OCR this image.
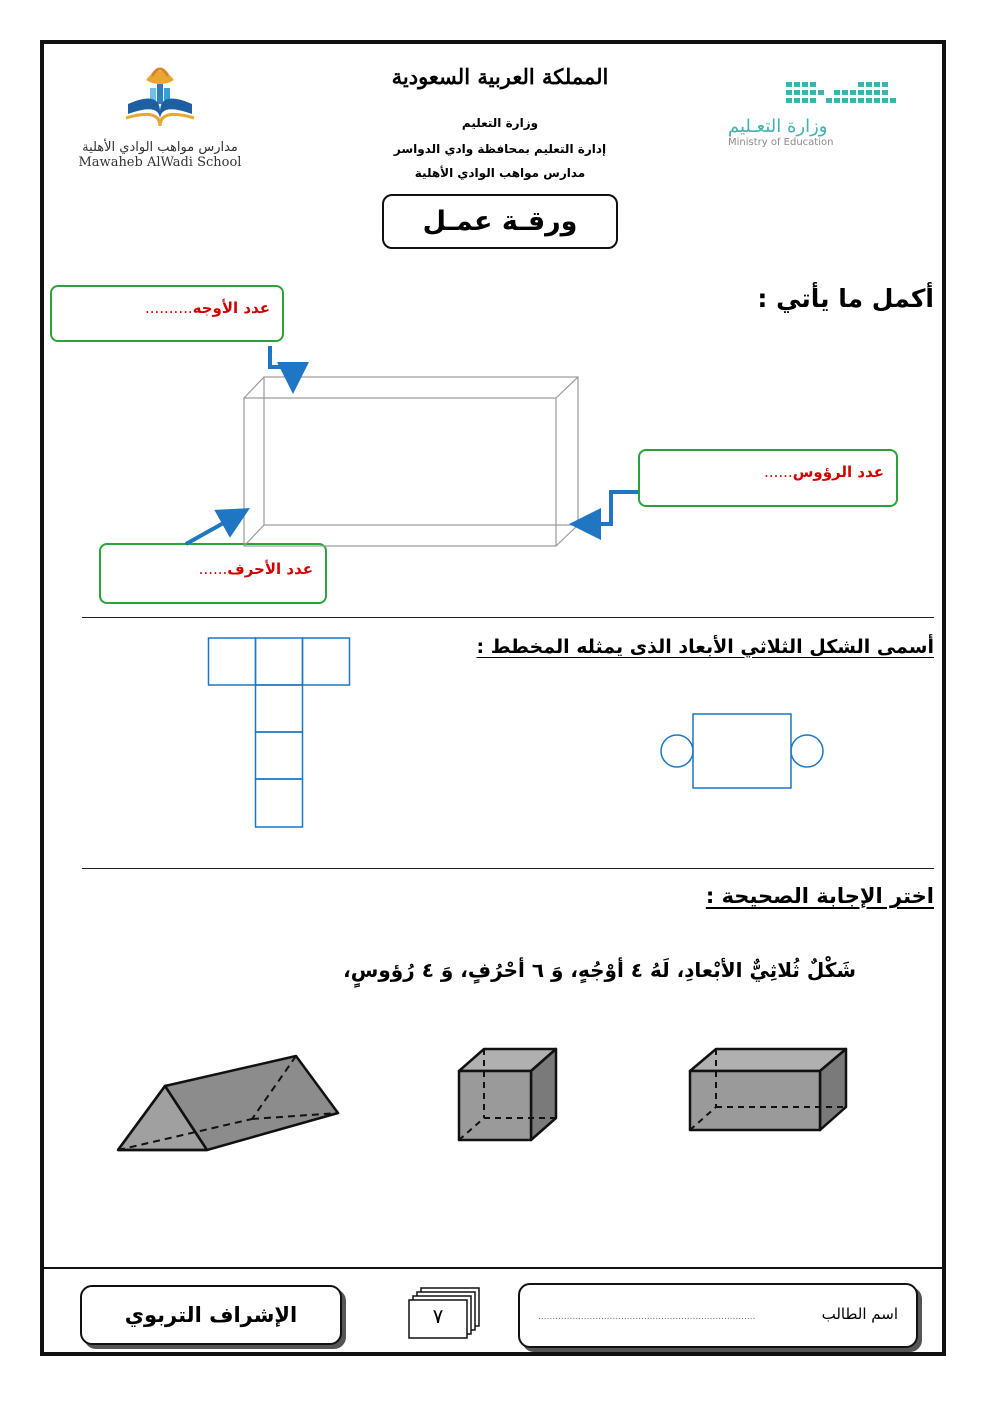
مدارس مواهب الوادي الأهلية
Mawaheb AlWadi School
المملكة العربية السعودية
وزارة التعليم
إدارة التعليم بمحافظة وادي الدواسر
مدارس مواهب الوادي الأهلية
ورقـة عمـل
وزارة التعـليم
Ministry of Education
أكمل ما يأتي :
عدد الأوجه..........
عدد الرؤوس......
عدد الأحرف......
أسمى الشكل الثلاثي الأبعاد الذى يمثله المخطط :
اختر الإجابة الصحيحة :
شَكْلٌ ثُلاثِيٌّ الأبْعادِ، لَهُ ٤ أوْجُهٍ، وَ ٦ أحْرُفٍ، وَ ٤ رُؤوسٍ،
الإشراف التربوي	٧	اسم الطالب
............................................................................
